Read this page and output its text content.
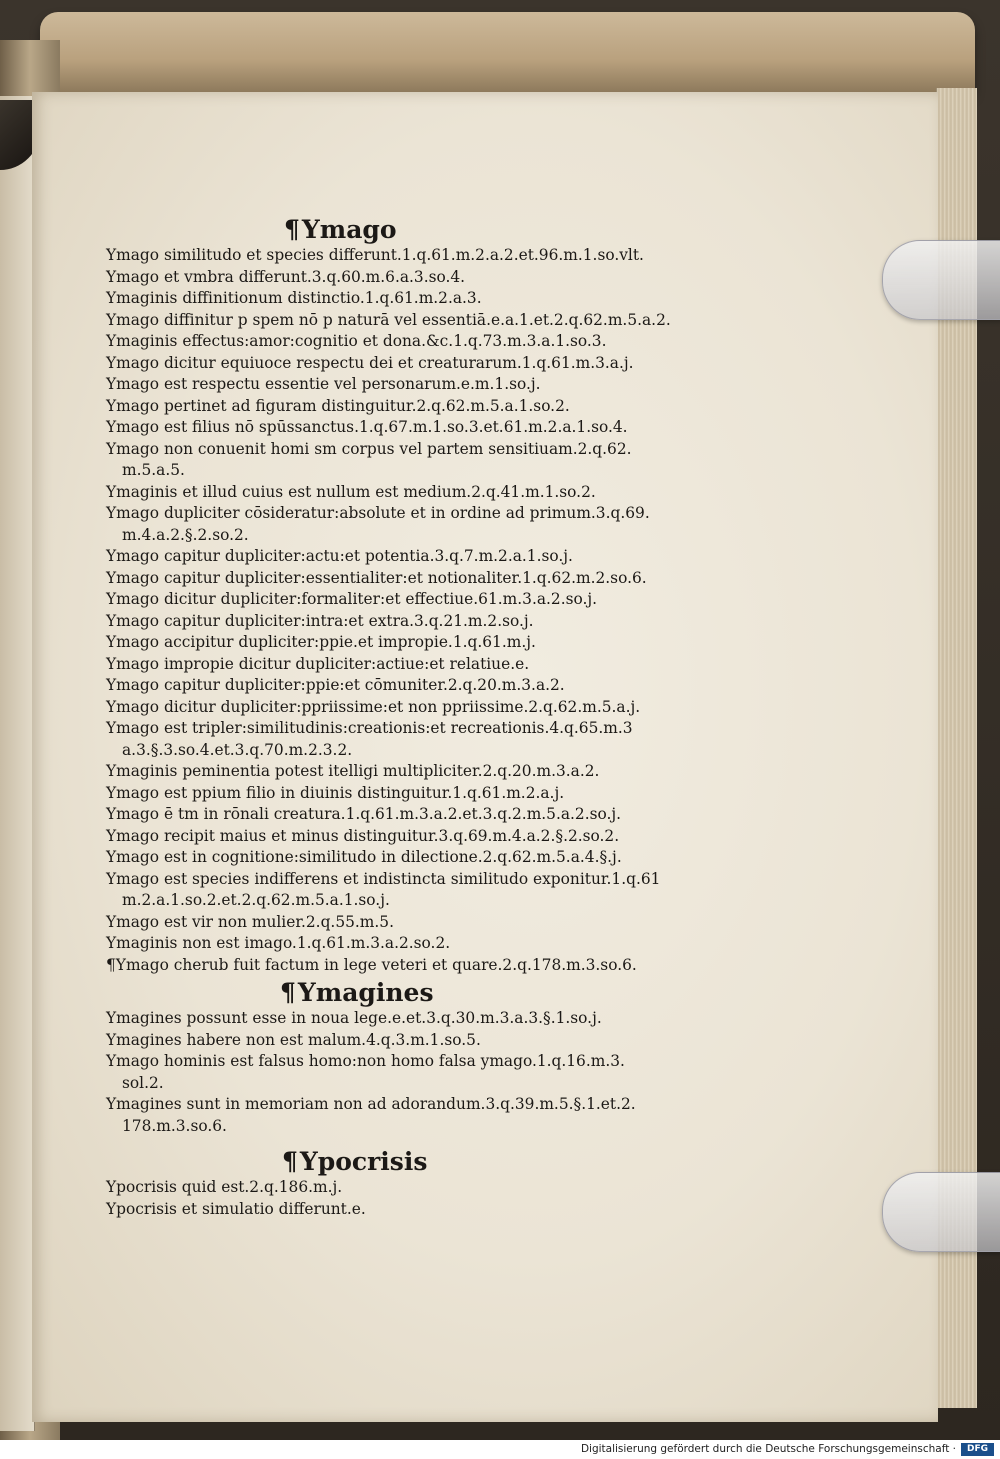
¶Ymago
Ymago similitudo et species differunt.1.q.61.m.2.a.2.et.96.m.1.so.vlt.
Ymago et vmbra differunt.3.q.60.m.6.a.3.so.4.
Ymaginis diffinitionum distinctio.1.q.61.m.2.a.3.
Ymago diffinitur p spem nō p naturā vel essentiā.e.a.1.et.2.q.62.m.5.a.2.
Ymaginis effectus:amor:cognitio et dona.&c.1.q.73.m.3.a.1.so.3.
Ymago dicitur equiuoce respectu dei et creaturarum.1.q.61.m.3.a.j.
Ymago est respectu essentie vel personarum.e.m.1.so.j.
Ymago pertinet ad figuram distinguitur.2.q.62.m.5.a.1.so.2.
Ymago est filius nō spūssanctus.1.q.67.m.1.so.3.et.61.m.2.a.1.so.4.
Ymago non conuenit homi sm corpus vel partem sensitiuam.2.q.62.
m.5.a.5.
Ymaginis et illud cuius est nullum est medium.2.q.41.m.1.so.2.
Ymago dupliciter cōsideratur:absolute et in ordine ad primum.3.q.69.
m.4.a.2.§.2.so.2.
Ymago capitur dupliciter:actu:et potentia.3.q.7.m.2.a.1.so.j.
Ymago capitur dupliciter:essentialiter:et notionaliter.1.q.62.m.2.so.6.
Ymago dicitur dupliciter:formaliter:et effectiue.61.m.3.a.2.so.j.
Ymago capitur dupliciter:intra:et extra.3.q.21.m.2.so.j.
Ymago accipitur dupliciter:ppie.et impropie.1.q.61.m.j.
Ymago impropie dicitur dupliciter:actiue:et relatiue.e.
Ymago capitur dupliciter:ppie:et cōmuniter.2.q.20.m.3.a.2.
Ymago dicitur dupliciter:ppriissime:et non ppriissime.2.q.62.m.5.a.j.
Ymago est tripler:similitudinis:creationis:et recreationis.4.q.65.m.3
a.3.§.3.so.4.et.3.q.70.m.2.3.2.
Ymaginis peminentia potest itelligi multipliciter.2.q.20.m.3.a.2.
Ymago est ppium filio in diuinis distinguitur.1.q.61.m.2.a.j.
Ymago ē tm in rōnali creatura.1.q.61.m.3.a.2.et.3.q.2.m.5.a.2.so.j.
Ymago recipit maius et minus distinguitur.3.q.69.m.4.a.2.§.2.so.2.
Ymago est in cognitione:similitudo in dilectione.2.q.62.m.5.a.4.§.j.
Ymago est species indifferens et indistincta similitudo exponitur.1.q.61
m.2.a.1.so.2.et.2.q.62.m.5.a.1.so.j.
Ymago est vir non mulier.2.q.55.m.5.
Ymaginis non est imago.1.q.61.m.3.a.2.so.2.
¶Ymago cherub fuit factum in lege veteri et quare.2.q.178.m.3.so.6.
¶Ymagines
Ymagines possunt esse in noua lege.e.et.3.q.30.m.3.a.3.§.1.so.j.
Ymagines habere non est malum.4.q.3.m.1.so.5.
Ymago hominis est falsus homo:non homo falsa ymago.1.q.16.m.3.
sol.2.
Ymagines sunt in memoriam non ad adorandum.3.q.39.m.5.§.1.et.2.
178.m.3.so.6.
¶Ypocrisis
Ypocrisis quid est.2.q.186.m.j.
Ypocrisis et simulatio differunt.e.
Digitalisierung gefördert durch die Deutsche Forschungsgemeinschaft ·	DFG
